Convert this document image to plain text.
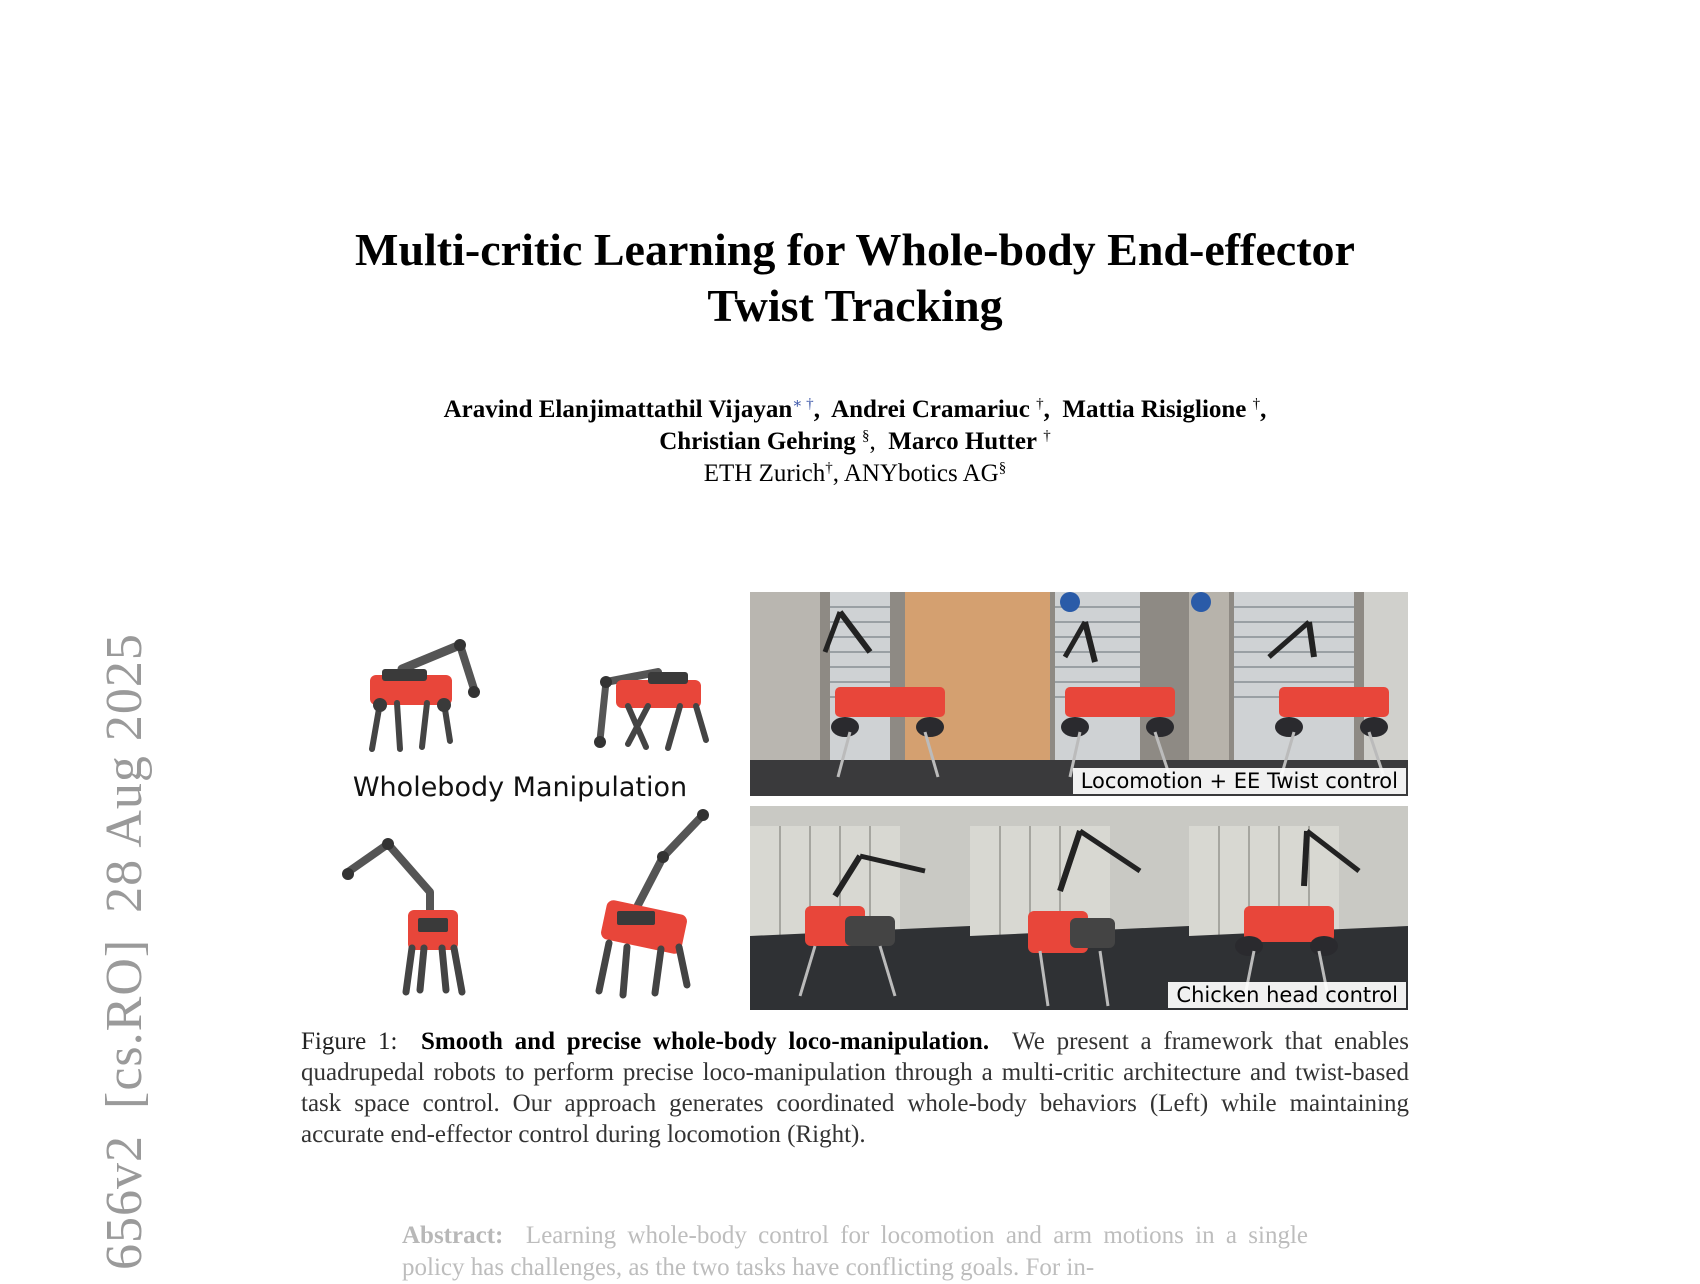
656v2[cs.RO]28 Aug 2025
Multi-critic Learning for Whole-body End-effector
Twist Tracking
Aravind Elanjimattathil Vijayan∗ †,  Andrei Cramariuc †,  Mattia Risiglione †,
Christian Gehring §,  Marco Hutter †
ETH Zurich†, ANYbotics AG§
Wholebody Manipulation	Locomotion + EE Twist control
Chicken head control
Figure 1: Smooth and precise whole-body loco-manipulation. We present a framework that enables quadrupedal robots to perform precise loco-manipulation through a multi-critic architecture and twist-based task space control. Our approach generates coordinated whole-body behaviors (Left) while maintaining accurate end-effector control during locomotion (Right).
Abstract: Learning whole-body control for locomotion and arm motions in a single policy has challenges, as the two tasks have conflicting goals. For in-
